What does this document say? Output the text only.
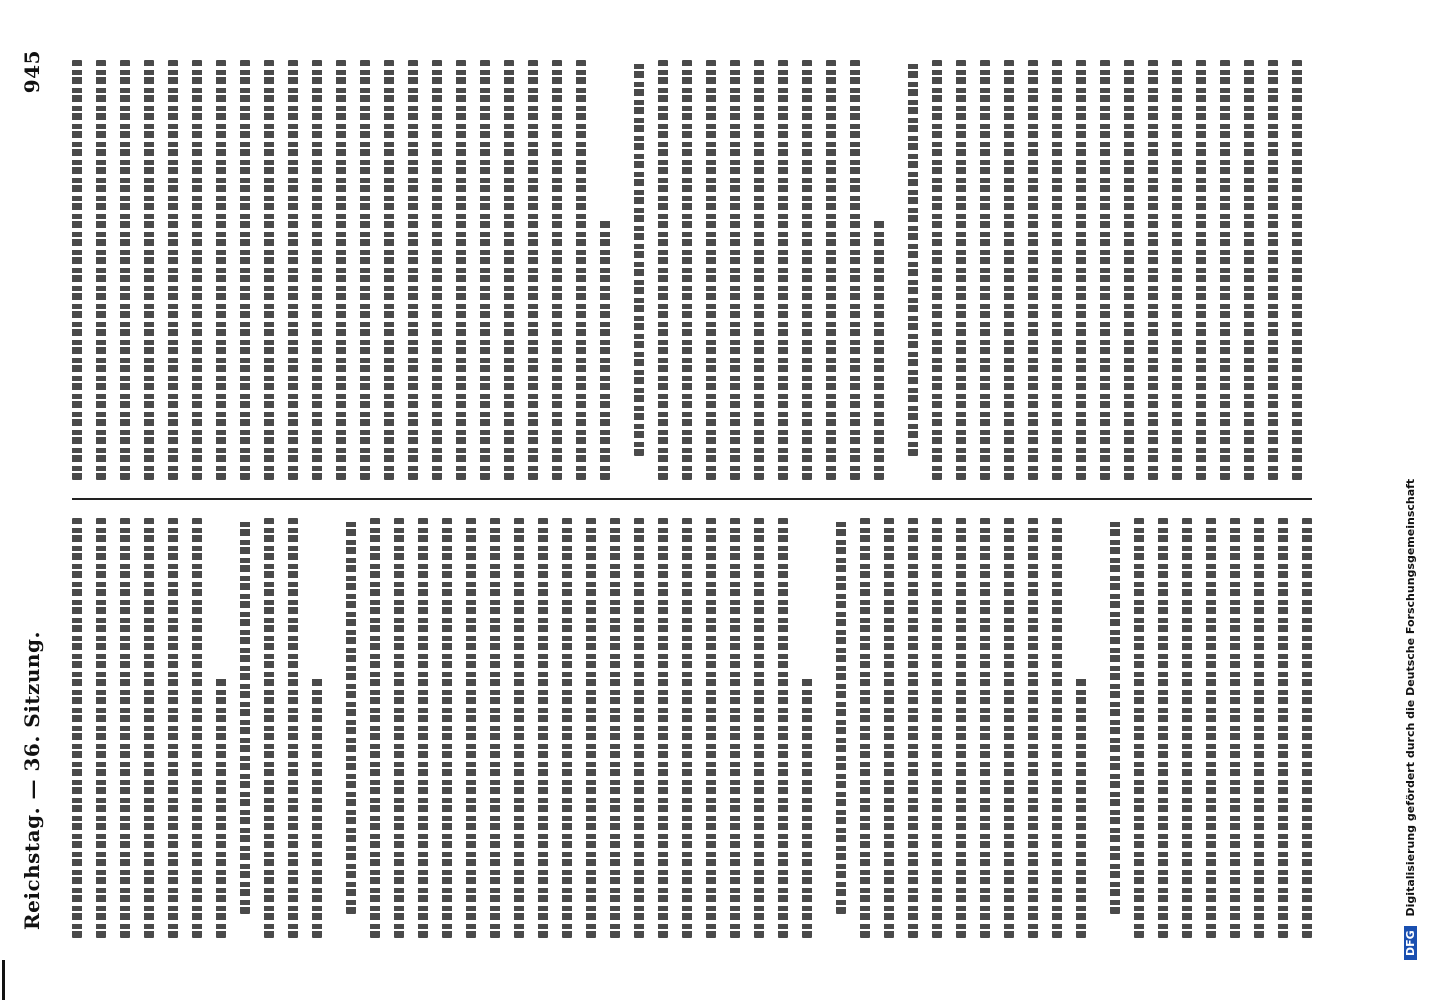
Reichstag. — 36. Sitzung.
945
DFG Digitalisierung gefördert durch die Deutsche Forschungsgemeinschaft
